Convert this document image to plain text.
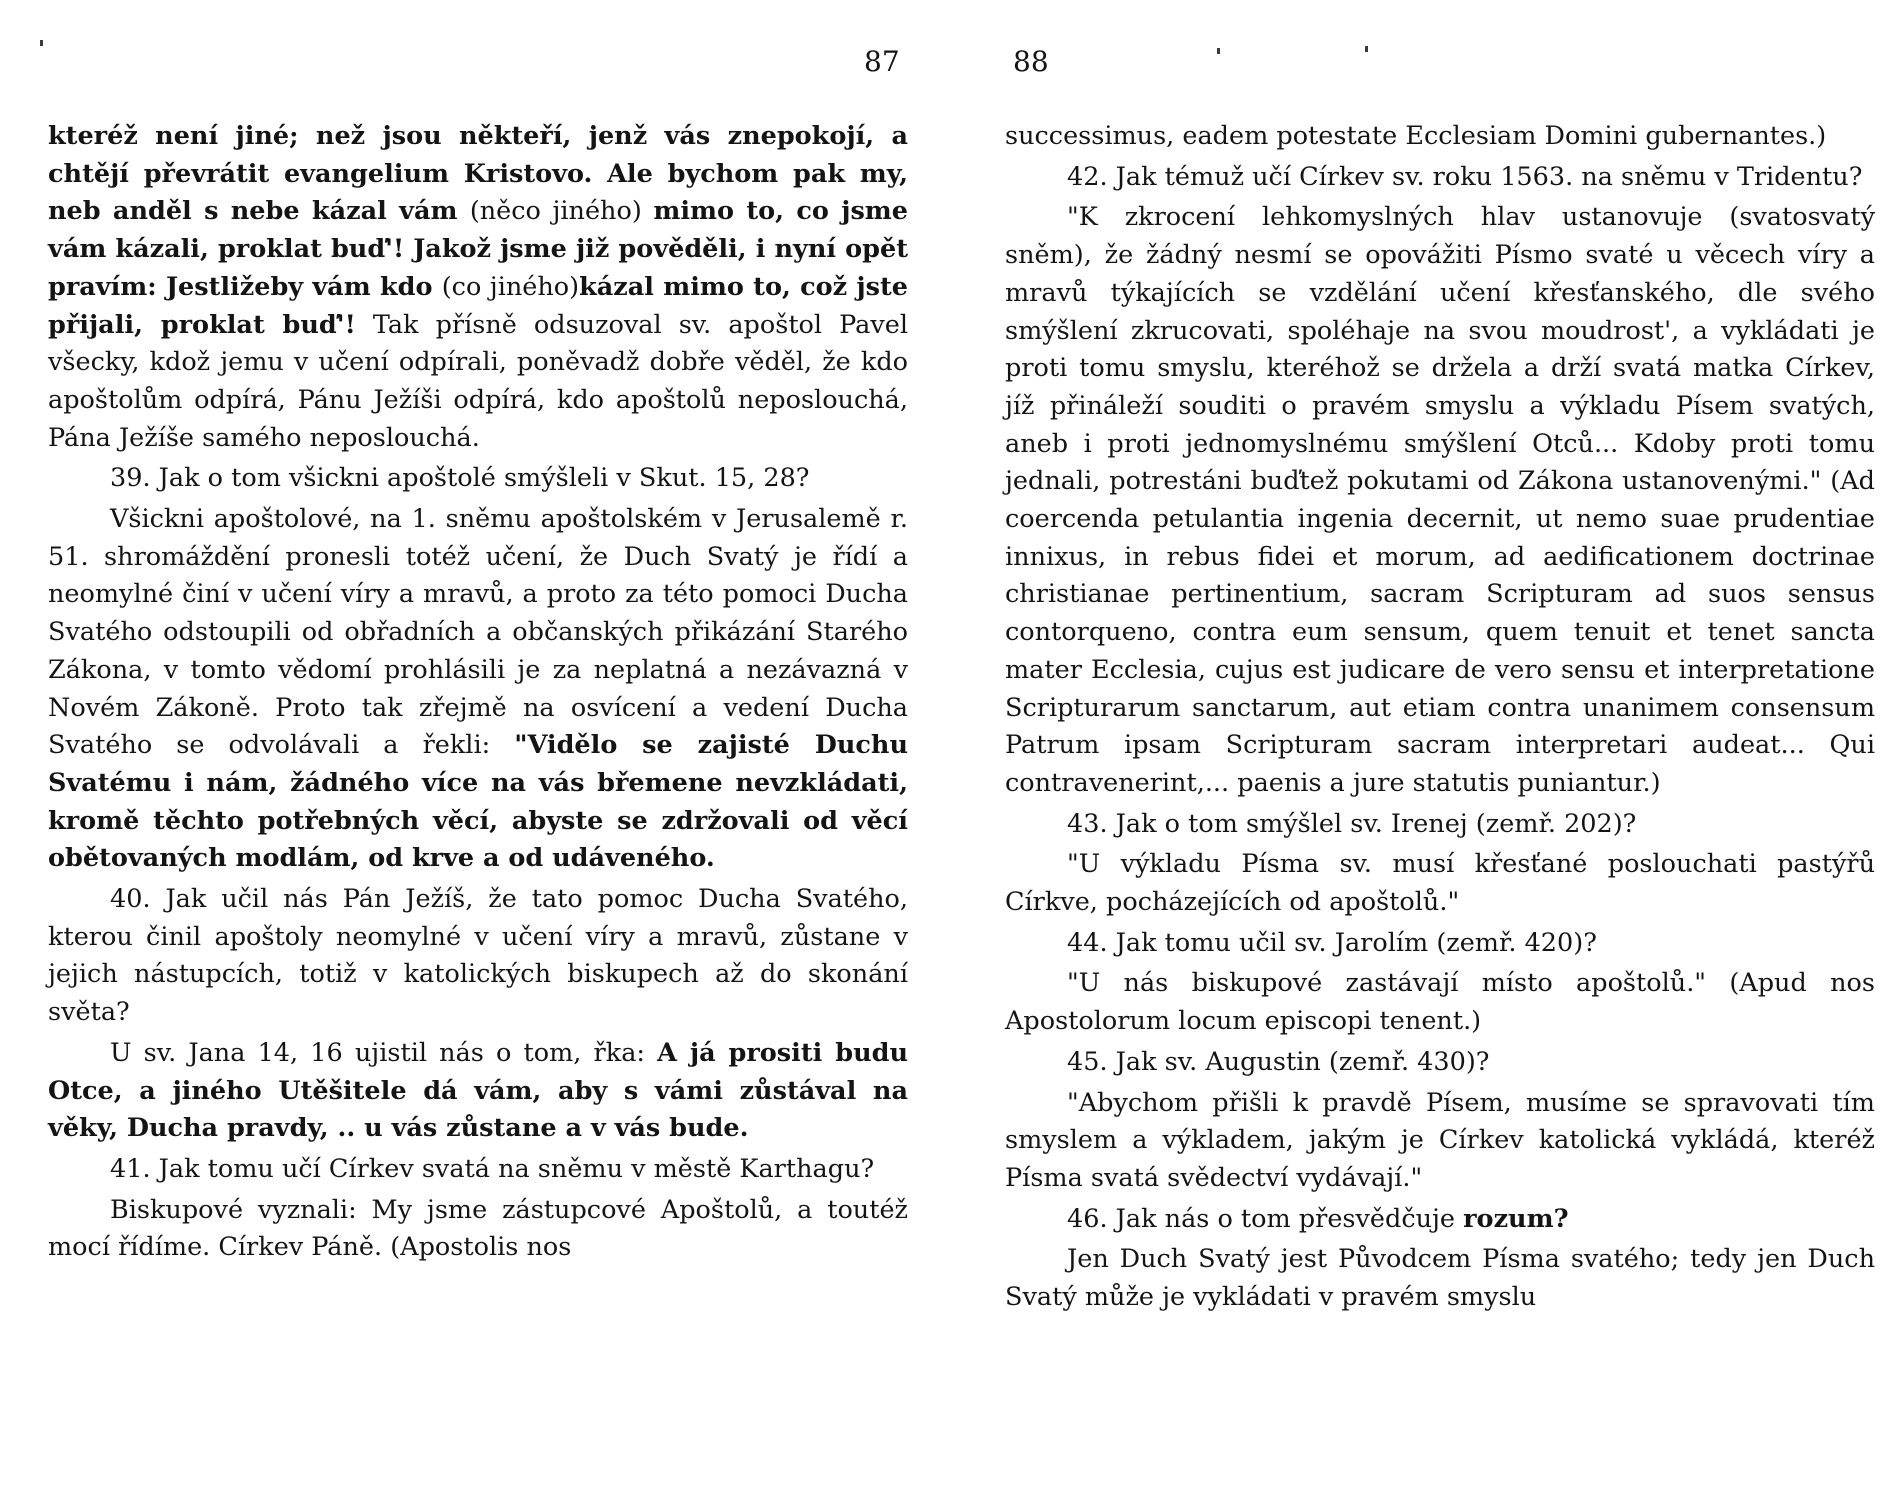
87

kteréž není jiné; než jsou někteří, jenž vás znepokojí, a chtějí převrátit evangelium Kristovo. Ale bychom pak my, neb anděl s nebe kázal vám (něco jiného) mimo to, co jsme vám kázali, proklat buď'! Jakož jsme již pověděli, i nyní opět pravím: Jestližeby vám kdo (co jiného)kázal mimo to, což jste přijali, proklat buď'! Tak přísně odsuzoval sv. apoštol Pavel všecky, kdož jemu v učení odpírali, poněvadž dobře věděl, že kdo apoštolům odpírá, Pánu Ježíši odpírá, kdo apoštolů neposlouchá, Pána Ježíše samého neposlouchá.

39. Jak o tom všickni apoštolé smýšleli v Skut. 15, 28?

Všickni apoštolové, na 1. sněmu apoštolském v Jerusalemě r. 51. shromáždění pronesli totéž učení, že Duch Svatý je řídí a neomylné činí v učení víry a mravů, a proto za této pomoci Ducha Svatého odstoupili od obřadních a občanských přikázání Starého Zákona, v tomto vědomí prohlásili je za neplatná a nezávazná v Novém Zákoně. Proto tak zřejmě na osvícení a vedení Ducha Svatého se odvolávali a řekli: "Vidělo se zajisté Duchu Svatému i nám, žádného více na vás břemene nevzkládati, kromě těchto potřebných věcí, abyste se zdržovali od věcí obětovaných modlám, od krve a od udáveného.

40. Jak učil nás Pán Ježíš, že tato pomoc Ducha Svatého, kterou činil apoštoly neomylné v učení víry a mravů, zůstane v jejich nástupcích, totiž v katolických biskupech až do skonání světa?

U sv. Jana 14, 16 ujistil nás o tom, řka: A já prositi budu Otce, a jiného Utěšitele dá vám, aby s vámi zůstával na věky, Ducha pravdy, .. u vás zůstane a v vás bude.

41. Jak tomu učí Církev svatá na sněmu v městě Karthagu?

Biskupové vyznali: My jsme zástupcové Apoštolů, a toutéž mocí řídíme. Církev Páně. (Apostolis nos

88

successimus, eadem potestate Ecclesiam Domini gubernantes.)

42. Jak témuž učí Církev sv. roku 1563. na sněmu v Tridentu?

"K zkrocení lehkomyslných hlav ustanovuje (svatosvatý sněm), že žádný nesmí se opovážiti Písmo svaté u věcech víry a mravů týkajících se vzdělání učení křesťanského, dle svého smýšlení zkrucovati, spoléhaje na svou moudrost', a vykládati je proti tomu smyslu, kteréhož se držela a drží svatá matka Církev, jíž přináleží souditi o pravém smyslu a výkladu Písem svatých, aneb i proti jednomyslnému smýšlení Otců... Kdoby proti tomu jednali, potrestáni buďtež pokutami od Zákona ustanovenými." (Ad coercenda petulantia ingenia decernit, ut nemo suae prudentiae innixus, in rebus fidei et morum, ad aedificationem doctrinae christianae pertinentium, sacram Scripturam ad suos sensus contorqueno, contra eum sensum, quem tenuit et tenet sancta mater Ecclesia, cujus est judicare de vero sensu et interpretatione Scripturarum sanctarum, aut etiam contra unanimem consensum Patrum ipsam Scripturam sacram interpretari audeat... Qui contravenerint,... paenis a jure statutis puniantur.)

43. Jak o tom smýšlel sv. Irenej (zemř. 202)?

"U výkladu Písma sv. musí křesťané poslouchati pastýřů Církve, pocházejících od apoštolů."

44. Jak tomu učil sv. Jarolím (zemř. 420)?

"U nás biskupové zastávají místo apoštolů." (Apud nos Apostolorum locum episcopi tenent.)

45. Jak sv. Augustin (zemř. 430)?

"Abychom přišli k pravdě Písem, musíme se spravovati tím smyslem a výkladem, jakým je Církev katolická vykládá, kteréž Písma svatá svědectví vydávají."

46. Jak nás o tom přesvědčuje rozum?

Jen Duch Svatý jest Původcem Písma svatého; tedy jen Duch Svatý může je vykládati v pravém smyslu
